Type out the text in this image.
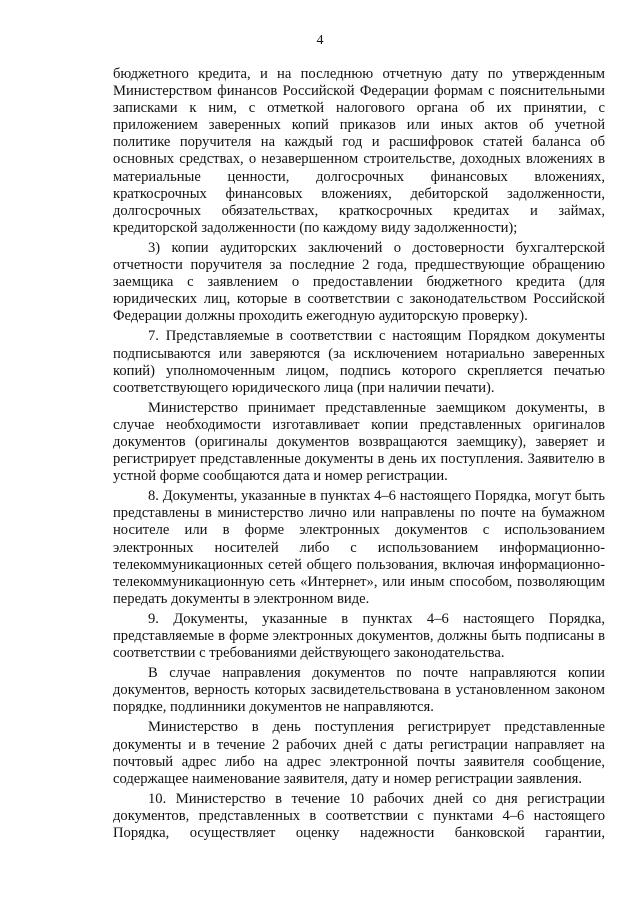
4

бюджетного кредита, и на последнюю отчетную дату по утвержденным Министерством финансов Российской Федерации формам с пояснительными записками к ним, с отметкой налогового органа об их принятии, с приложением заверенных копий приказов или иных актов об учетной политике поручителя на каждый год и расшифровок статей баланса об основных средствах, о незавершенном строительстве, доходных вложениях в материальные ценности, долгосрочных финансовых вложениях, краткосрочных финансовых вложениях, дебиторской задолженности, долгосрочных обязательствах, краткосрочных кредитах и займах, кредиторской задолженности (по каждому виду задолженности);

3) копии аудиторских заключений о достоверности бухгалтерской отчетности поручителя за последние 2 года, предшествующие обращению заемщика с заявлением о предоставлении бюджетного кредита (для юридических лиц, которые в соответствии с законодательством Российской Федерации должны проходить ежегодную аудиторскую проверку).

7. Представляемые в соответствии с настоящим Порядком документы подписываются или заверяются (за исключением нотариально заверенных копий) уполномоченным лицом, подпись которого скрепляется печатью соответствующего юридического лица (при наличии печати).

Министерство принимает представленные заемщиком документы, в случае необходимости изготавливает копии представленных оригиналов документов (оригиналы документов возвращаются заемщику), заверяет и регистрирует представленные документы в день их поступления. Заявителю в устной форме сообщаются дата и номер регистрации.

8. Документы, указанные в пунктах 4–6 настоящего Порядка, могут быть представлены в министерство лично или направлены по почте на бумажном носителе или в форме электронных документов с использованием электронных носителей либо с использованием информационно-телекоммуникационных сетей общего пользования, включая информационно-телекоммуникационную сеть «Интернет», или иным способом, позволяющим передать документы в электронном виде.

9. Документы, указанные в пунктах 4–6 настоящего Порядка, представляемые в форме электронных документов, должны быть подписаны в соответствии с требованиями действующего законодательства.

В случае направления документов по почте направляются копии документов, верность которых засвидетельствована в установленном законом порядке, подлинники документов не направляются.

Министерство в день поступления регистрирует представленные документы и в течение 2 рабочих дней с даты регистрации направляет на почтовый адрес либо на адрес электронной почты заявителя сообщение, содержащее наименование заявителя, дату и номер регистрации заявления.

10. Министерство в течение 10 рабочих дней со дня регистрации документов, представленных в соответствии с пунктами 4–6 настоящего Порядка, осуществляет оценку надежности банковской гарантии,
